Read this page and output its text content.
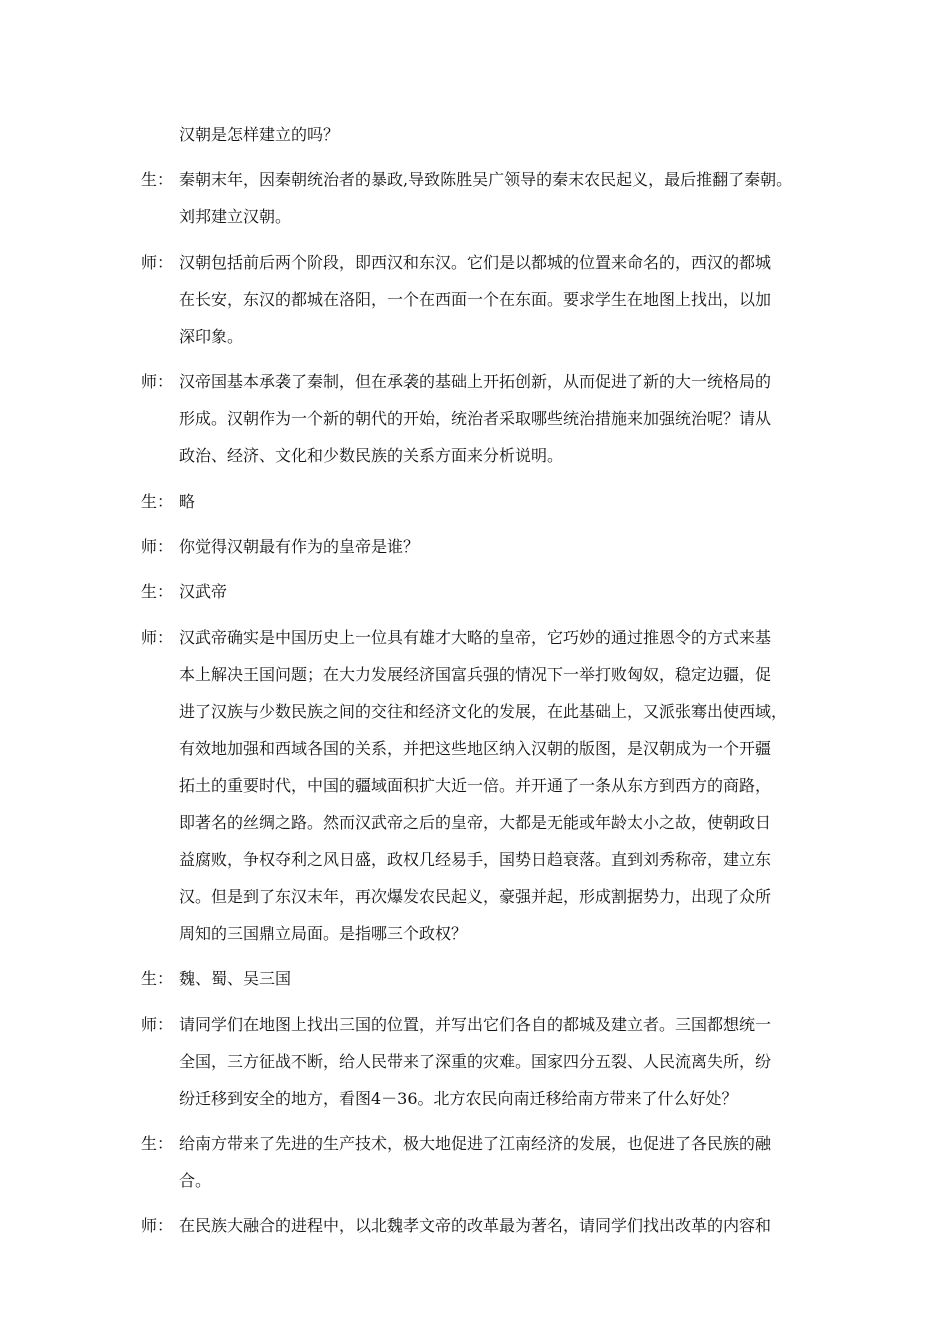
汉朝是怎样建立的吗？
生： 秦朝末年，因秦朝统治者的暴政,导致陈胜吴广领导的秦末农民起义，最后推翻了秦朝。
刘邦建立汉朝。
师： 汉朝包括前后两个阶段，即西汉和东汉。它们是以都城的位置来命名的，西汉的都城
在长安，东汉的都城在洛阳，一个在西面一个在东面。要求学生在地图上找出，以加
深印象。
师： 汉帝国基本承袭了秦制，但在承袭的基础上开拓创新，从而促进了新的大一统格局的
形成。汉朝作为一个新的朝代的开始，统治者采取哪些统治措施来加强统治呢？请从
政治、经济、文化和少数民族的关系方面来分析说明。
生： 略
师： 你觉得汉朝最有作为的皇帝是谁？
生： 汉武帝
师： 汉武帝确实是中国历史上一位具有雄才大略的皇帝，它巧妙的通过推恩令的方式来基
本上解决王国问题；在大力发展经济国富兵强的情况下一举打败匈奴，稳定边疆，促
进了汉族与少数民族之间的交往和经济文化的发展，在此基础上，又派张骞出使西域，
有效地加强和西域各国的关系，并把这些地区纳入汉朝的版图，是汉朝成为一个开疆
拓土的重要时代，中国的疆域面积扩大近一倍。并开通了一条从东方到西方的商路，
即著名的丝绸之路。然而汉武帝之后的皇帝，大都是无能或年龄太小之故，使朝政日
益腐败，争权夺利之风日盛，政权几经易手，国势日趋衰落。直到刘秀称帝，建立东
汉。但是到了东汉末年，再次爆发农民起义，豪强并起，形成割据势力，出现了众所
周知的三国鼎立局面。是指哪三个政权？
生： 魏、蜀、吴三国
师： 请同学们在地图上找出三国的位置，并写出它们各自的都城及建立者。三国都想统一
全国，三方征战不断，给人民带来了深重的灾难。国家四分五裂、人民流离失所，纷
纷迁移到安全的地方，看图4－36。北方农民向南迁移给南方带来了什么好处？
生： 给南方带来了先进的生产技术，极大地促进了江南经济的发展，也促进了各民族的融
合。
师： 在民族大融合的进程中，以北魏孝文帝的改革最为著名，请同学们找出改革的内容和
